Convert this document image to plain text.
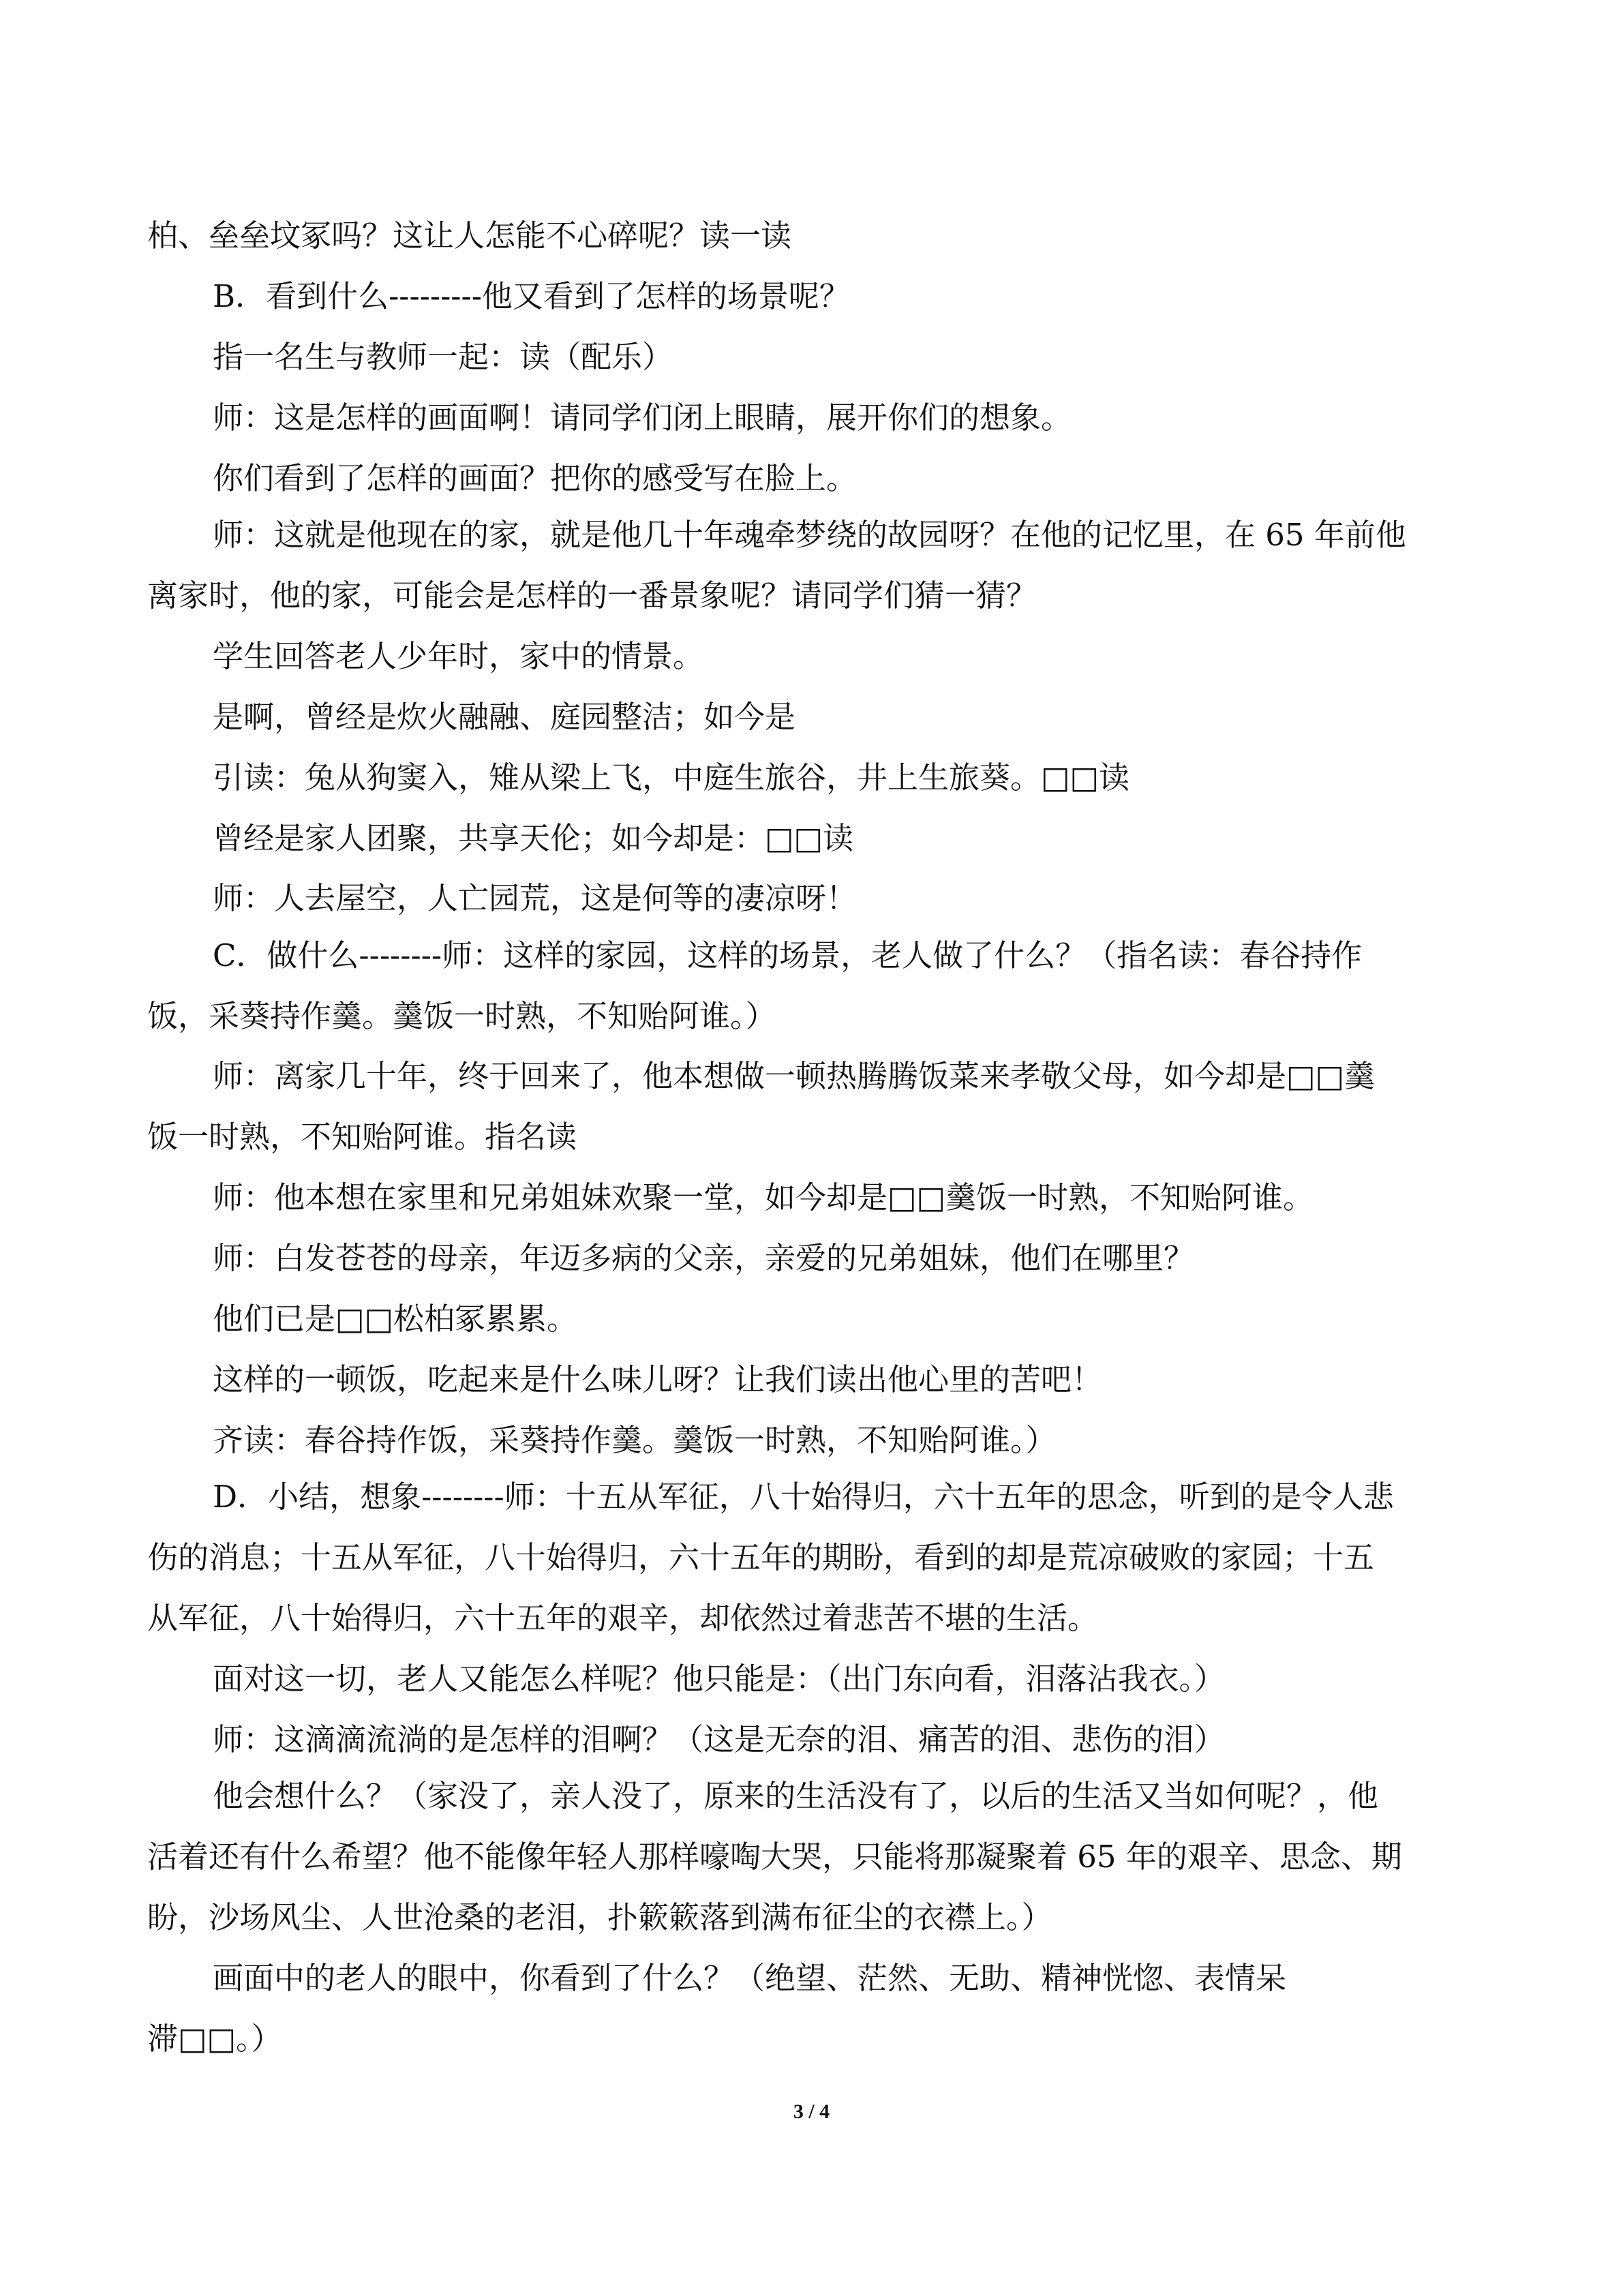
柏、垒垒坟冢吗？这让人怎能不心碎呢？读一读
B．看到什么---------他又看到了怎样的场景呢？
指一名生与教师一起：读（配乐）
师：这是怎样的画面啊！请同学们闭上眼睛，展开你们的想象。
你们看到了怎样的画面？把你的感受写在脸上。
师：这就是他现在的家，就是他几十年魂牵梦绕的故园呀？在他的记忆里，在 65 年前他
离家时，他的家，可能会是怎样的一番景象呢？请同学们猜一猜？
学生回答老人少年时，家中的情景。
是啊，曾经是炊火融融、庭园整洁；如今是
引读：兔从狗窦入，雉从梁上飞，中庭生旅谷，井上生旅葵。□□读
曾经是家人团聚，共享天伦；如今却是：□□读
师：人去屋空，人亡园荒，这是何等的凄凉呀！
C．做什么--------师：这样的家园，这样的场景，老人做了什么？（指名读：春谷持作
饭，采葵持作羹。羹饭一时熟，不知贻阿谁。）
师：离家几十年，终于回来了，他本想做一顿热腾腾饭菜来孝敬父母，如今却是□□羹
饭一时熟，不知贻阿谁。指名读
师：他本想在家里和兄弟姐妹欢聚一堂，如今却是□□羹饭一时熟，不知贻阿谁。
师：白发苍苍的母亲，年迈多病的父亲，亲爱的兄弟姐妹，他们在哪里？
他们已是□□松柏冢累累。
这样的一顿饭，吃起来是什么味儿呀？让我们读出他心里的苦吧！
齐读：春谷持作饭，采葵持作羹。羹饭一时熟，不知贻阿谁。）
D．小结，想象--------师：十五从军征，八十始得归，六十五年的思念，听到的是令人悲
伤的消息；十五从军征，八十始得归，六十五年的期盼，看到的却是荒凉破败的家园；十五
从军征，八十始得归，六十五年的艰辛，却依然过着悲苦不堪的生活。
面对这一切，老人又能怎么样呢？他只能是：（出门东向看，泪落沾我衣。）
师：这滴滴流淌的是怎样的泪啊？（这是无奈的泪、痛苦的泪、悲伤的泪）
他会想什么？（家没了，亲人没了，原来的生活没有了，以后的生活又当如何呢？，他
活着还有什么希望？他不能像年轻人那样嚎啕大哭，只能将那凝聚着 65 年的艰辛、思念、期
盼，沙场风尘、人世沧桑的老泪，扑簌簌落到满布征尘的衣襟上。）
画面中的老人的眼中，你看到了什么？（绝望、茫然、无助、精神恍惚、表情呆
滞□□。）
3 / 4
